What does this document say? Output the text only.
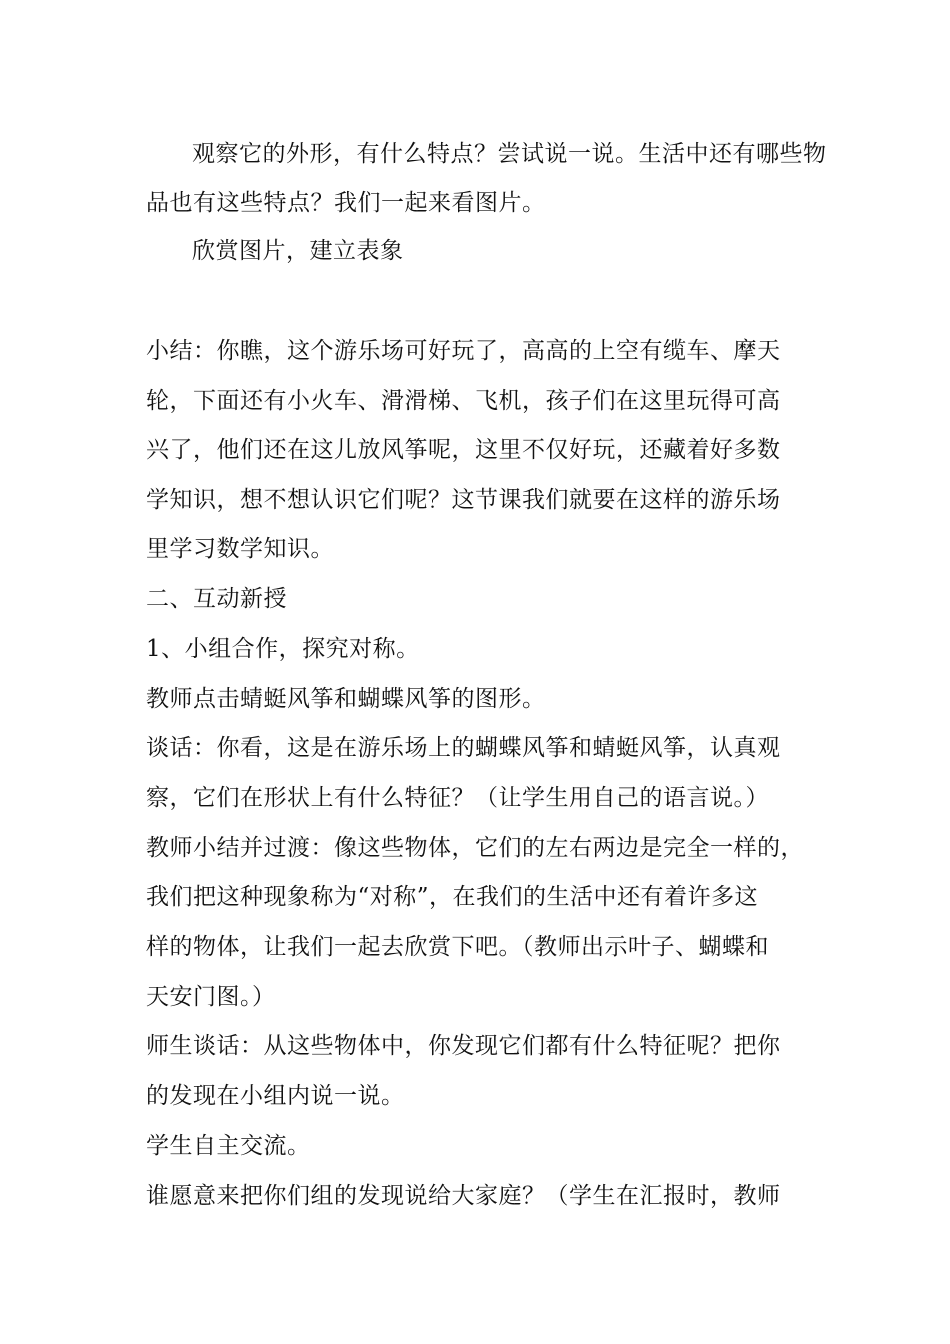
观察它的外形，有什么特点？尝试说一说。生活中还有哪些物
品也有这些特点？我们一起来看图片。
欣赏图片，建立表象
小结：你瞧，这个游乐场可好玩了，高高的上空有缆车、摩天
轮，下面还有小火车、滑滑梯、飞机，孩子们在这里玩得可高
兴了，他们还在这儿放风筝呢，这里不仅好玩，还藏着好多数
学知识，想不想认识它们呢？这节课我们就要在这样的游乐场
里学习数学知识。
二、互动新授
1、小组合作，探究对称。
教师点击蜻蜓风筝和蝴蝶风筝的图形。
谈话：你看，这是在游乐场上的蝴蝶风筝和蜻蜓风筝，认真观
察，它们在形状上有什么特征？（让学生用自己的语言说。）
教师小结并过渡：像这些物体，它们的左右两边是完全一样的，
我们把这种现象称为“对称”，在我们的生活中还有着许多这
样的物体，让我们一起去欣赏下吧。（教师出示叶子、蝴蝶和
天安门图。）
师生谈话：从这些物体中，你发现它们都有什么特征呢？把你
的发现在小组内说一说。
学生自主交流。
谁愿意来把你们组的发现说给大家庭？（学生在汇报时，教师
